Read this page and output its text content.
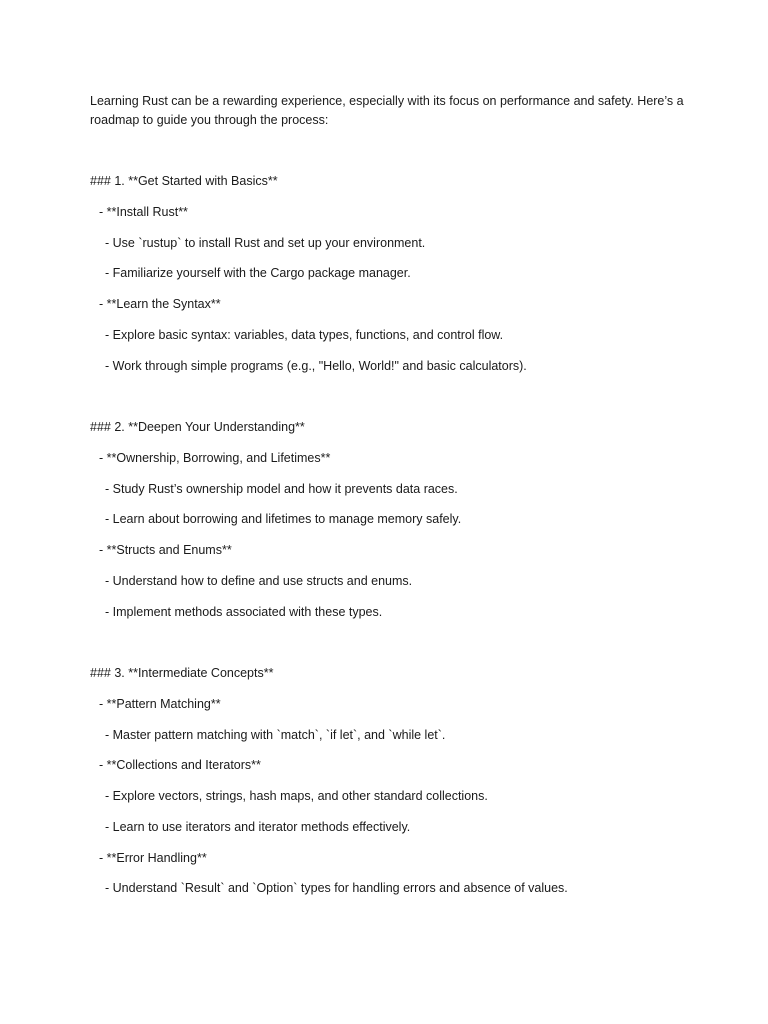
Learning Rust can be a rewarding experience, especially with its focus on performance and safety. Here’s a roadmap to guide you through the process:
### 1. **Get Started with Basics**
- **Install Rust**
- Use `rustup` to install Rust and set up your environment.
- Familiarize yourself with the Cargo package manager.
- **Learn the Syntax**
- Explore basic syntax: variables, data types, functions, and control flow.
- Work through simple programs (e.g., "Hello, World!" and basic calculators).
### 2. **Deepen Your Understanding**
- **Ownership, Borrowing, and Lifetimes**
- Study Rust’s ownership model and how it prevents data races.
- Learn about borrowing and lifetimes to manage memory safely.
- **Structs and Enums**
- Understand how to define and use structs and enums.
- Implement methods associated with these types.
### 3. **Intermediate Concepts**
- **Pattern Matching**
- Master pattern matching with `match`, `if let`, and `while let`.
- **Collections and Iterators**
- Explore vectors, strings, hash maps, and other standard collections.
- Learn to use iterators and iterator methods effectively.
- **Error Handling**
- Understand `Result` and `Option` types for handling errors and absence of values.
